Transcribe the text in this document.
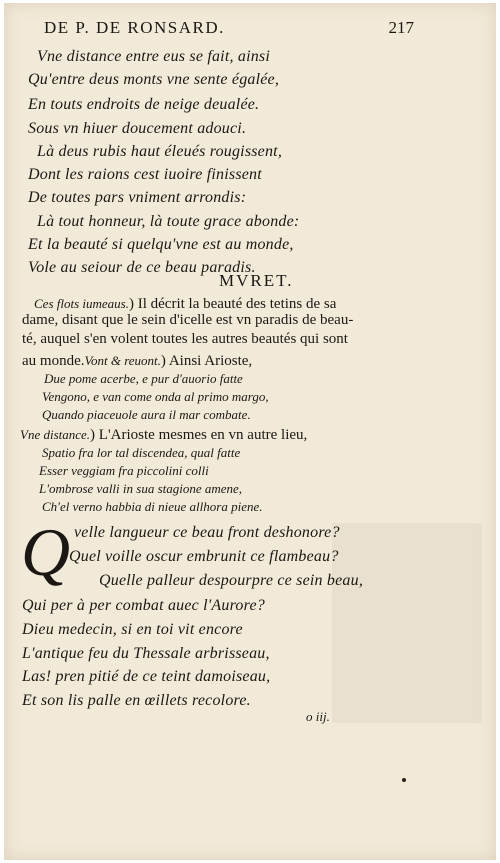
DE P. DE RONSARD.	217
Vne distance entre eus se fait, ainsi
Qu'entre deus monts vne sente égalée,
En touts endroits de neige deualée.
Sous vn hiuer doucement adouci.
Là deus rubis haut éleués rougissent,
Dont les raions cest iuoire finissent
De toutes pars vniment arrondis:
Là tout honneur, là toute grace abonde:
Et la beauté si quelqu'vne est au monde,
Vole au seiour de ce beau paradis.
MVRET.
Ces flots iumeaus.) Il décrit la beauté des tetins de sa
dame, disant que le sein d'icelle est vn paradis de beau-
té, auquel s'en volent toutes les autres beautés qui sont
au monde.Vont & reuont.) Ainsi Arioste,
Due pome acerbe, e pur d'auorio fatte
Vengono, e van come onda al primo margo,
Quando piaceuole aura il mar combate.
Vne distance.) L'Arioste mesmes en vn autre lieu,
Spatio fra lor tal discendea, qual fatte
Esser veggiam fra piccolini colli
L'ombrose valli in sua stagione amene,
Ch'el verno habbia di nieue allhora piene.
Q velle langueur ce beau front deshonore?
Quel voille oscur embrunit ce flambeau?
Quelle palleur despourpre ce sein beau,
Qui per à per combat auec l'Aurore?
Dieu medecin, si en toi vit encore
L'antique feu du Thessale arbrisseau,
Las! pren pitié de ce teint damoiseau,
Et son lis palle en œillets recolore.
o iij.
